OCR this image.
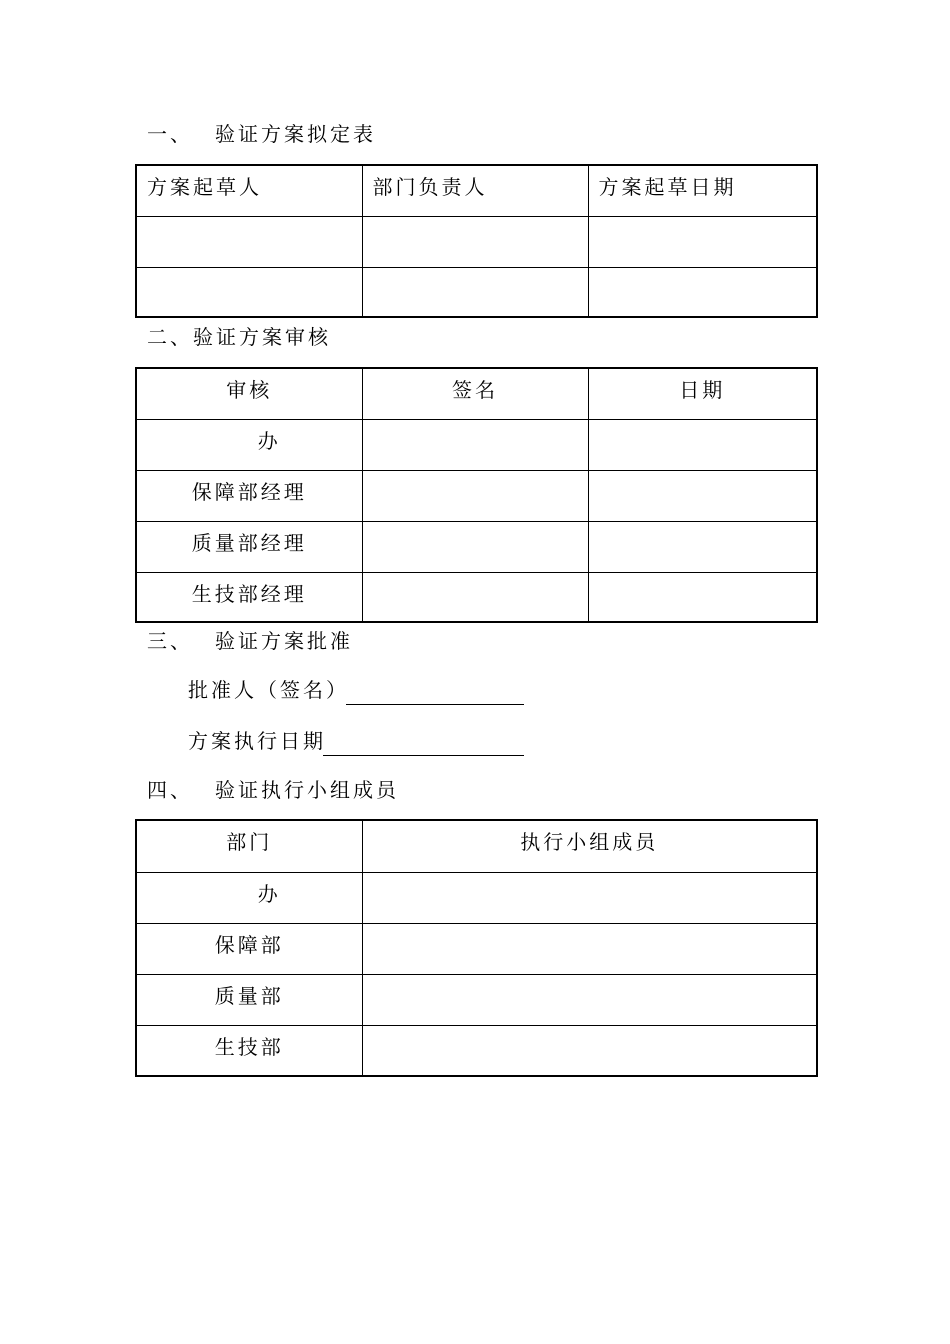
一、 验证方案拟定表
方案起草人	部门负责人	方案起草日期

二、验证方案审核
审核	签名	日期

办		

保障部经理		

质量部经理		

生技部经理		

三、 验证方案批准
批准人（签名）
方案执行日期
四、 验证执行小组成员
部门	执行小组成员

办	

保障部	

质量部	

生技部	
